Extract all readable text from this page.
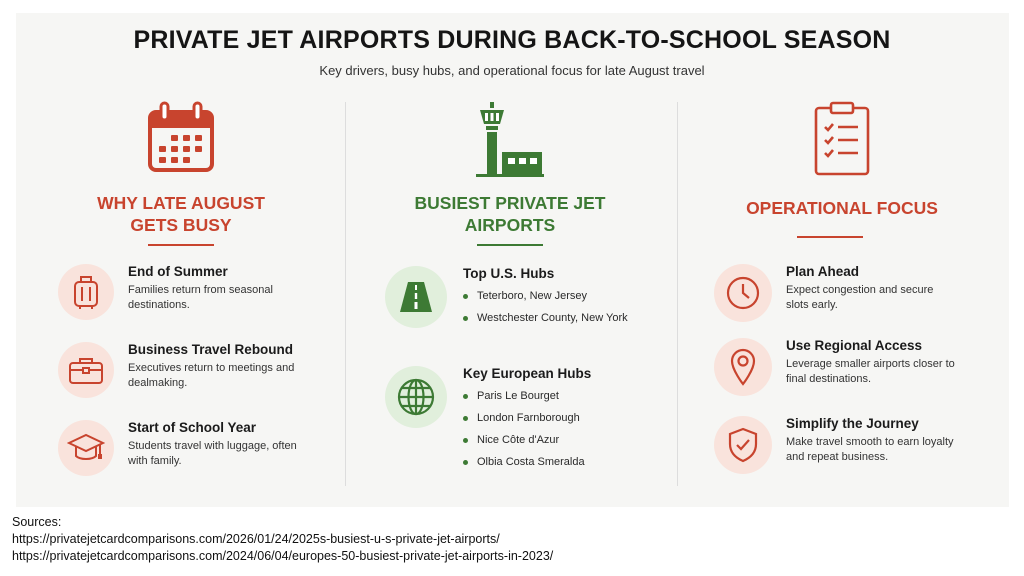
PRIVATE JET AIRPORTS DURING BACK-TO-SCHOOL SEASON
Key drivers, busy hubs, and operational focus for late August travel
WHY LATE AUGUST
GETS BUSY
End of Summer
Families return from seasonal destinations.
Business Travel Rebound
Executives return to meetings and dealmaking.
Start of School Year
Students travel with luggage, often with family.
BUSIEST PRIVATE JET
AIRPORTS
Top U.S. Hubs
Teterboro, New Jersey
Westchester County, New York
Key European Hubs
Paris Le Bourget
London Farnborough
Nice Côte d'Azur
Olbia Costa Smeralda
OPERATIONAL FOCUS
Plan Ahead
Expect congestion and secure slots early.
Use Regional Access
Leverage smaller airports closer to final destinations.
Simplify the Journey
Make travel smooth to earn loyalty and repeat business.
Sources:
https://privatejetcardcomparisons.com/2026/01/24/2025s-busiest-u-s-private-jet-airports/
https://privatejetcardcomparisons.com/2024/06/04/europes-50-busiest-private-jet-airports-in-2023/
